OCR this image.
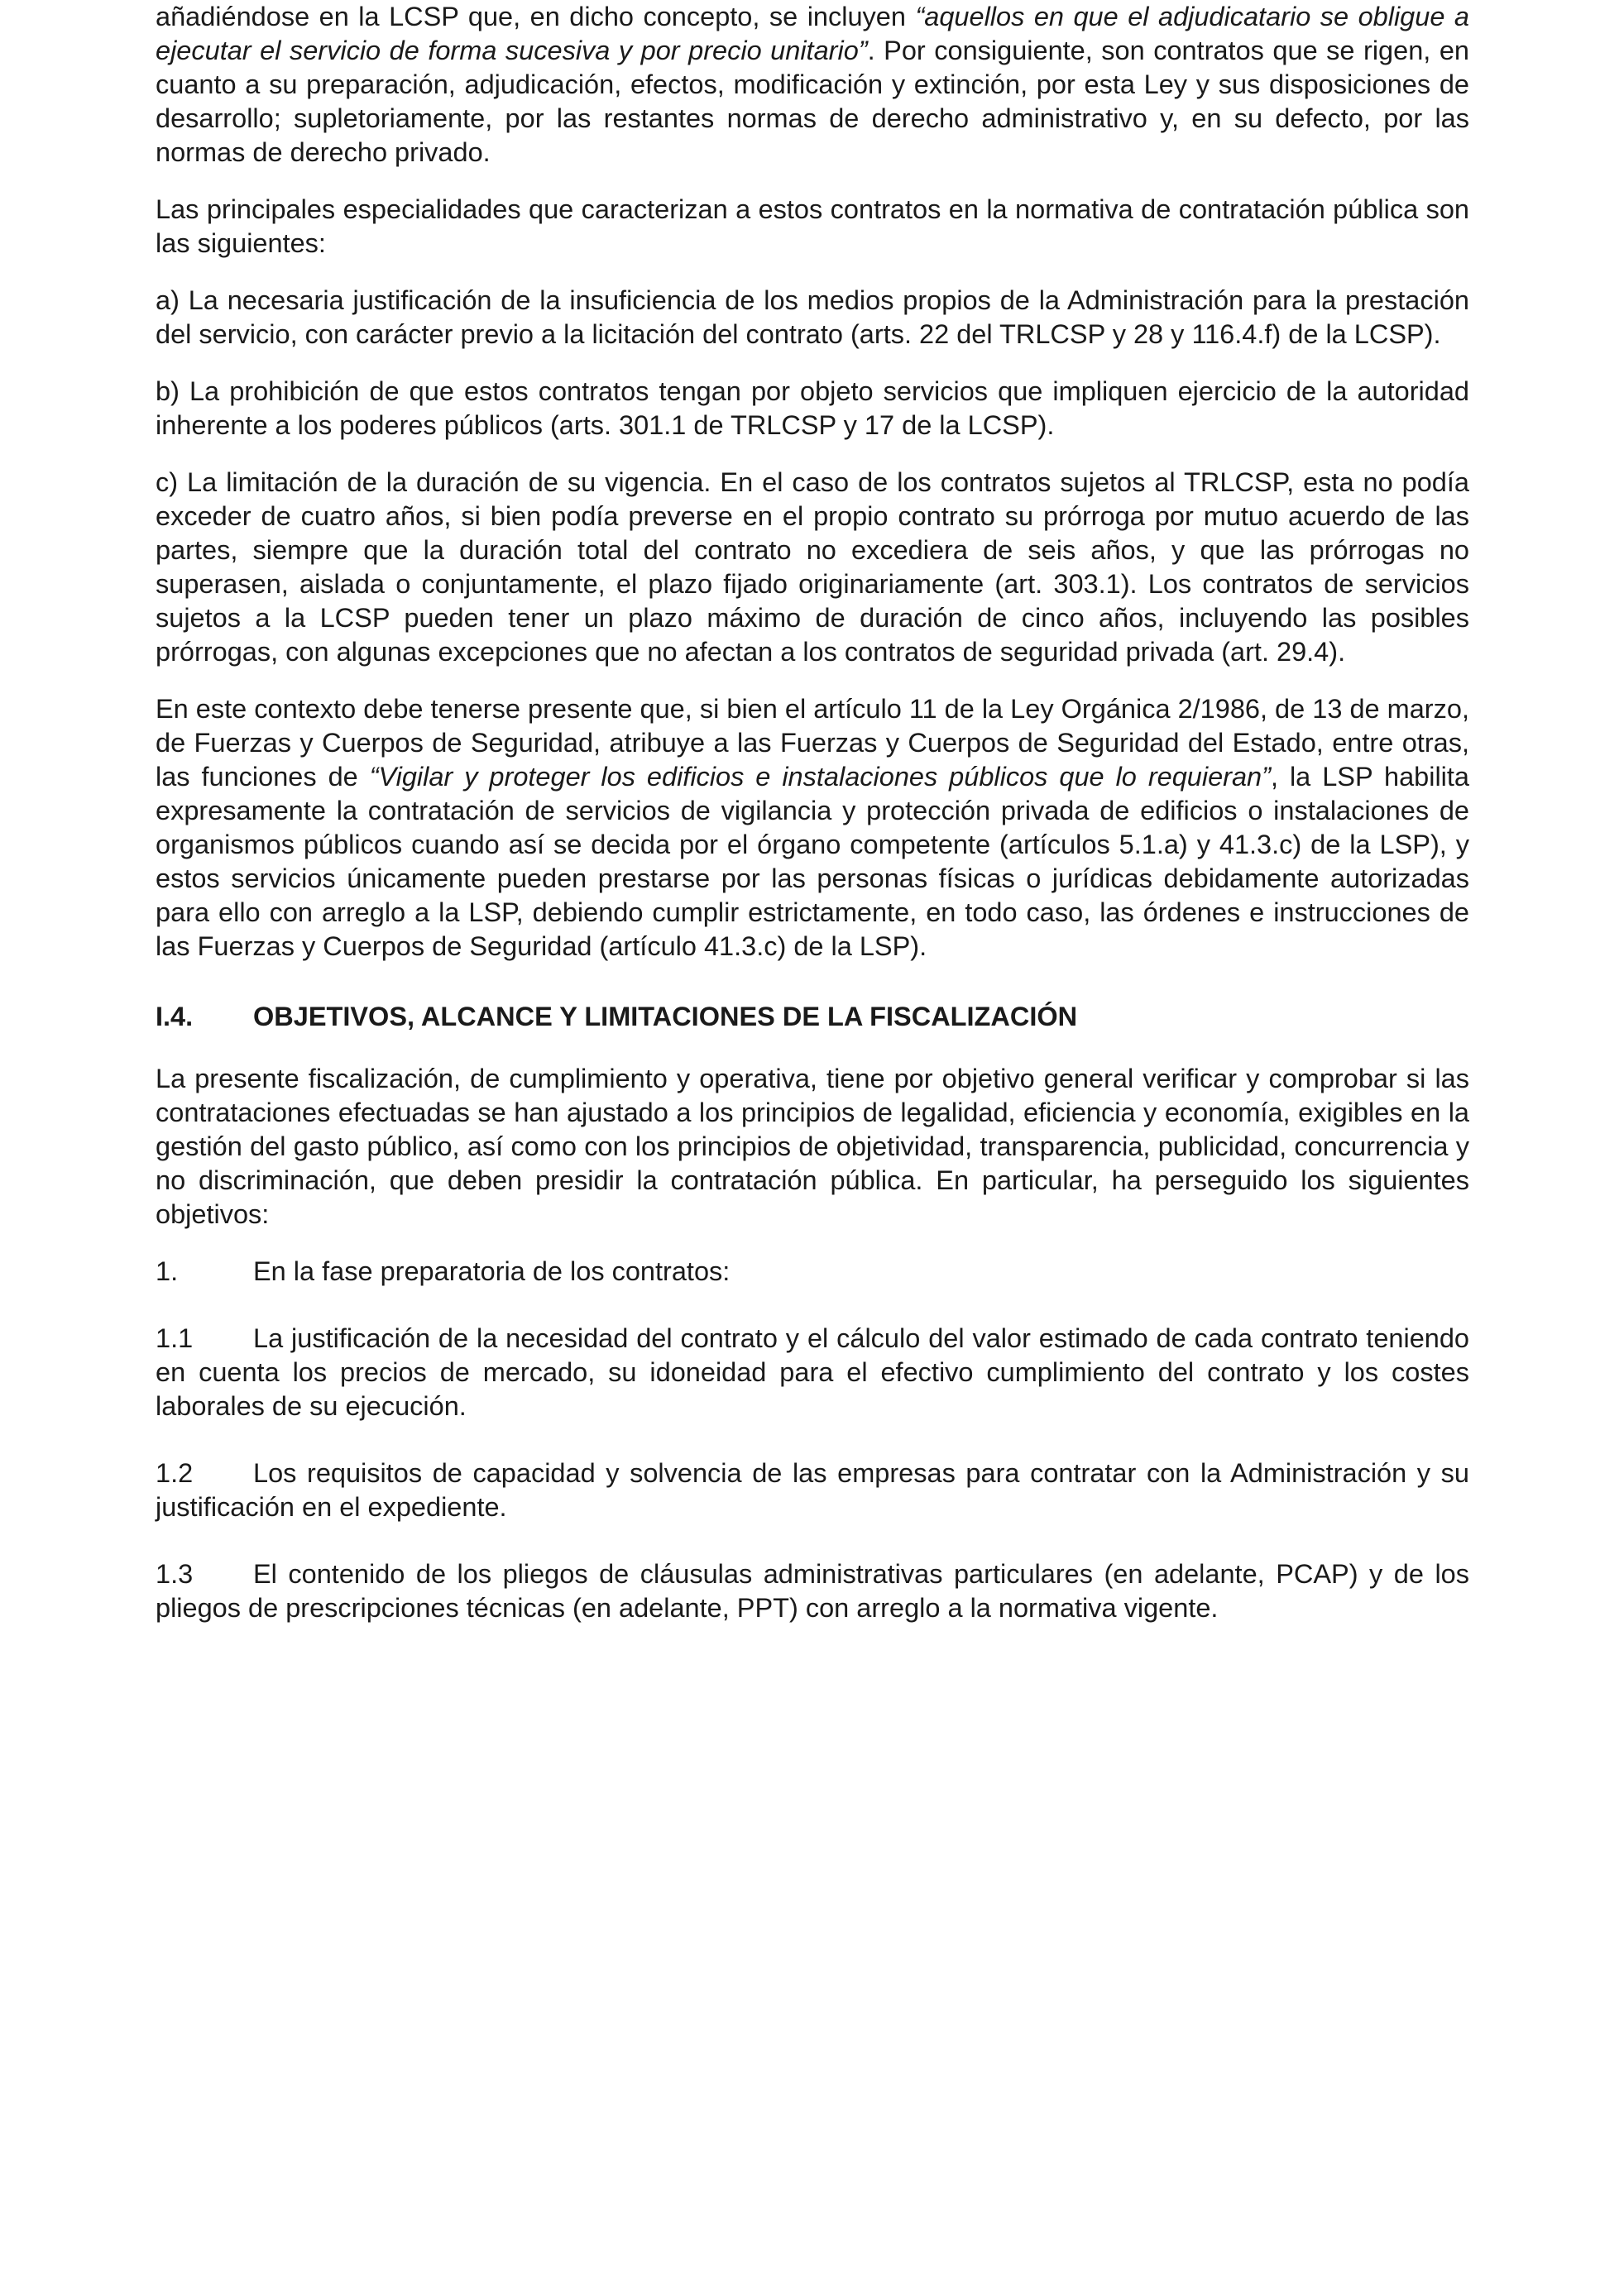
añadiéndose en la LCSP que, en dicho concepto, se incluyen “aquellos en que el adjudicatario se obligue a ejecutar el servicio de forma sucesiva y por precio unitario”. Por consiguiente, son contratos que se rigen, en cuanto a su preparación, adjudicación, efectos, modificación y extinción, por esta Ley y sus disposiciones de desarrollo; supletoriamente, por las restantes normas de derecho administrativo y, en su defecto, por las normas de derecho privado.

Las principales especialidades que caracterizan a estos contratos en la normativa de contratación pública son las siguientes:

a) La necesaria justificación de la insuficiencia de los medios propios de la Administración para la prestación del servicio, con carácter previo a la licitación del contrato (arts. 22 del TRLCSP y 28 y 116.4.f) de la LCSP).

b) La prohibición de que estos contratos tengan por objeto servicios que impliquen ejercicio de la autoridad inherente a los poderes públicos (arts. 301.1 de TRLCSP y 17 de la LCSP).

c) La limitación de la duración de su vigencia. En el caso de los contratos sujetos al TRLCSP, esta no podía exceder de cuatro años, si bien podía preverse en el propio contrato su prórroga por mutuo acuerdo de las partes, siempre que la duración total del contrato no excediera de seis años, y que las prórrogas no superasen, aislada o conjuntamente, el plazo fijado originariamente (art. 303.1). Los contratos de servicios sujetos a la LCSP pueden tener un plazo máximo de duración de cinco años, incluyendo las posibles prórrogas, con algunas excepciones que no afectan a los contratos de seguridad privada (art. 29.4).

En este contexto debe tenerse presente que, si bien el artículo 11 de la Ley Orgánica 2/1986, de 13 de marzo, de Fuerzas y Cuerpos de Seguridad, atribuye a las Fuerzas y Cuerpos de Seguridad del Estado, entre otras, las funciones de “Vigilar y proteger los edificios e instalaciones públicos que lo requieran”, la LSP habilita expresamente la contratación de servicios de vigilancia y protección privada de edificios o instalaciones de organismos públicos cuando así se decida por el órgano competente (artículos 5.1.a) y 41.3.c) de la LSP), y estos servicios únicamente pueden prestarse por las personas físicas o jurídicas debidamente autorizadas para ello con arreglo a la LSP, debiendo cumplir estrictamente, en todo caso, las órdenes e instrucciones de las Fuerzas y Cuerpos de Seguridad (artículo 41.3.c) de la LSP).

I.4.	OBJETIVOS, ALCANCE Y LIMITACIONES DE LA FISCALIZACIÓN

La presente fiscalización, de cumplimiento y operativa, tiene por objetivo general verificar y comprobar si las contrataciones efectuadas se han ajustado a los principios de legalidad, eficiencia y economía, exigibles en la gestión del gasto público, así como con los principios de objetividad, transparencia, publicidad, concurrencia y no discriminación, que deben presidir la contratación pública. En particular, ha perseguido los siguientes objetivos:

1.	En la fase preparatoria de los contratos:

1.1 La justificación de la necesidad del contrato y el cálculo del valor estimado de cada contrato teniendo en cuenta los precios de mercado, su idoneidad para el efectivo cumplimiento del contrato y los costes laborales de su ejecución.

1.2 Los requisitos de capacidad y solvencia de las empresas para contratar con la Administración y su justificación en el expediente.

1.3 El contenido de los pliegos de cláusulas administrativas particulares (en adelante, PCAP) y de los pliegos de prescripciones técnicas (en adelante, PPT) con arreglo a la normativa vigente.
